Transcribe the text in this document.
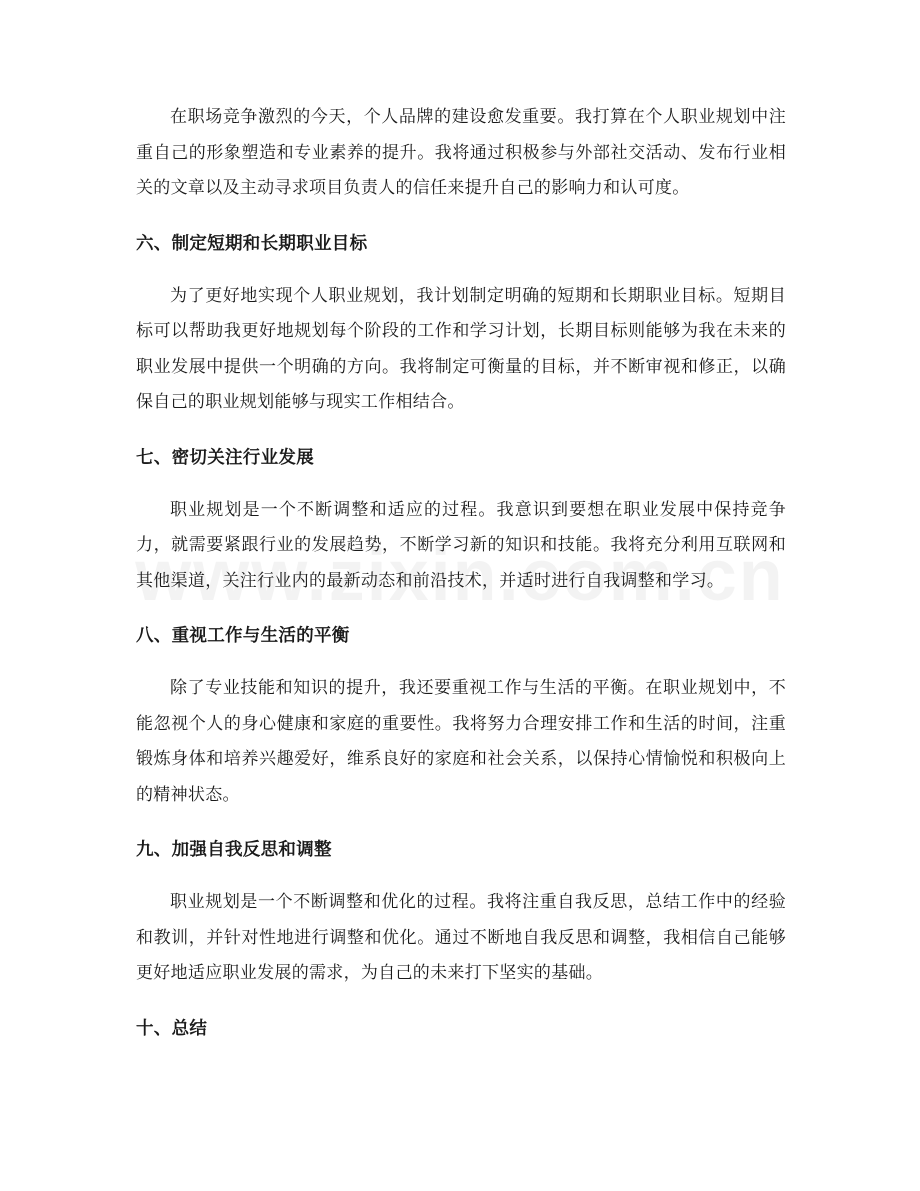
在职场竞争激烈的今天，个人品牌的建设愈发重要。我打算在个人职业规划中注重自己的形象塑造和专业素养的提升。我将通过积极参与外部社交活动、发布行业相关的文章以及主动寻求项目负责人的信任来提升自己的影响力和认可度。

六、制定短期和长期职业目标

为了更好地实现个人职业规划，我计划制定明确的短期和长期职业目标。短期目标可以帮助我更好地规划每个阶段的工作和学习计划，长期目标则能够为我在未来的职业发展中提供一个明确的方向。我将制定可衡量的目标，并不断审视和修正，以确保自己的职业规划能够与现实工作相结合。

七、密切关注行业发展

职业规划是一个不断调整和适应的过程。我意识到要想在职业发展中保持竞争力，就需要紧跟行业的发展趋势，不断学习新的知识和技能。我将充分利用互联网和其他渠道，关注行业内的最新动态和前沿技术，并适时进行自我调整和学习。

八、重视工作与生活的平衡

除了专业技能和知识的提升，我还要重视工作与生活的平衡。在职业规划中，不能忽视个人的身心健康和家庭的重要性。我将努力合理安排工作和生活的时间，注重锻炼身体和培养兴趣爱好，维系良好的家庭和社会关系，以保持心情愉悦和积极向上的精神状态。

九、加强自我反思和调整

职业规划是一个不断调整和优化的过程。我将注重自我反思，总结工作中的经验和教训，并针对性地进行调整和优化。通过不断地自我反思和调整，我相信自己能够更好地适应职业发展的需求，为自己的未来打下坚实的基础。

十、总结
